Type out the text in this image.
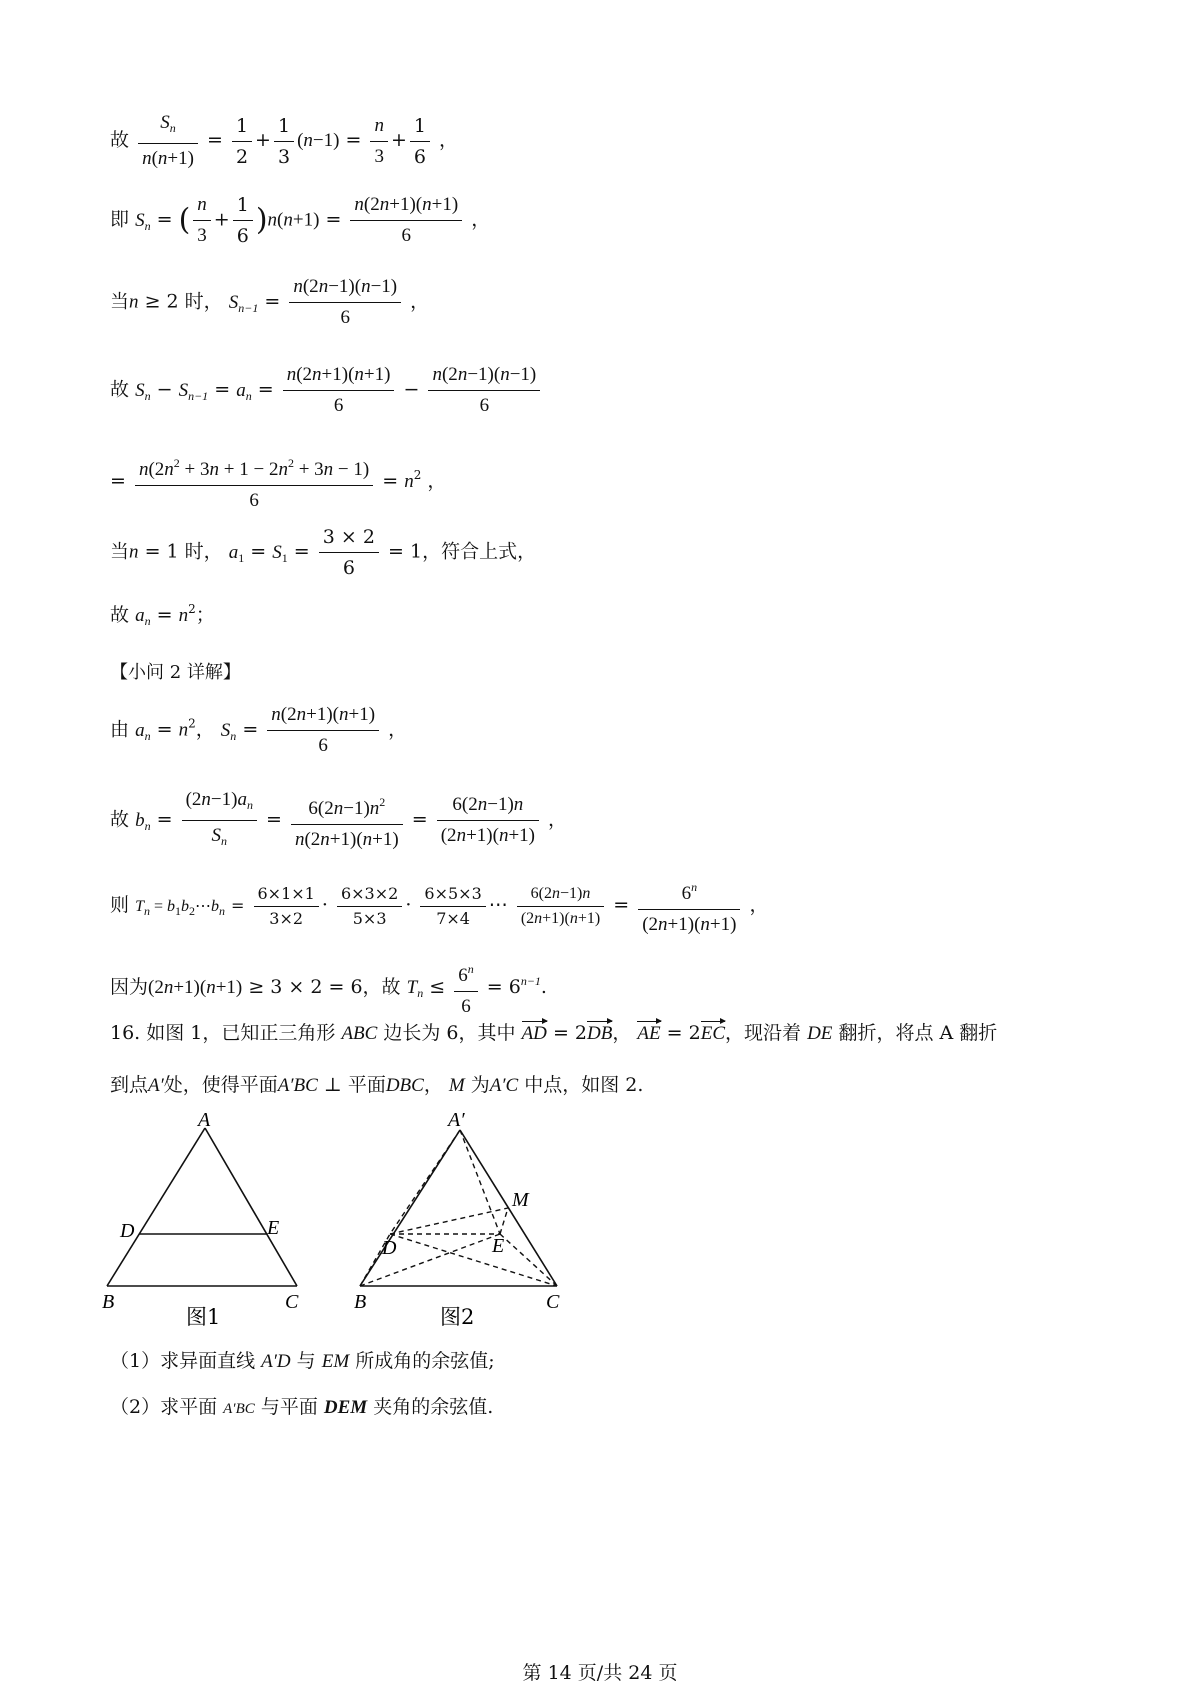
故 $\frac{S_n}{n(n+1)} = \frac{1}{2} + \frac{1}{3} (n-1) = \frac{n}{3} + \frac{1}{6}$ ，
即 $S_n$ = ( $\frac{n}{3} + \frac{1}{6} )n(n+1) = \frac{n(2n+1)(n+1)}{6}$ ，
当n ≥ 2 时， $S_{n-1} = \frac{n(2n-1)(n-1)}{6}$ ，
故 $S_n - S_{n-1} = a_n = \frac{n(2n+1)(n+1)}{6} - \frac{n(2n-1)(n-1)}{6}$
= $\frac{n(2n^2 + 3n + 1 - 2n^2 + 3n - 1)}{6} = n^2$ ，
当n = 1 时， $a_1 = S_1 = \frac{3 \times 2}{6} = 1$，符合上式，
故 $a_n = n^2$；
【小问 2 详解】
由 $a_n = n^2$， $S_n = \frac{n(2n+1)(n+1)}{6}$ ，
故 $b_n = \frac{(2n-1)a_n}{S_n} = \frac{6(2n-1)n^2}{n(2n+1)(n+1)} = \frac{6(2n-1)n}{(2n+1)(n+1)}$ ，
则 $T_n$ = $b_1b_2\cdots b_n = \frac{6\times 1\times 1}{3\times 2} \cdot \frac{6\times 3\times 2}{5\times 3} \cdot \frac{6\times 5\times 3}{7\times 4}$ ⋯ $\frac{6(2n-1)n}{(2n+1)(n+1)} = \frac{6^n}{(2n+1)(n+1)}$ ，
因为(2n+1)(n+1) ≥ 3 × 2 = 6，故 $T_n \le \frac{6^n}{6} = 6^{n-1}$.
16. 如图 1，已知正三角形 ABC 边长为 6，其中 AD = 2DB， AE = 2EC，现沿着 DE 翻折，将点 A 翻折
到点A′处，使得平面A′BC ⊥ 平面DBC， M 为A′C 中点，如图 2.
A
D	E
B	C
图1
A′
M
D	E
B	C
图2
（1）求异面直线 A′D 与 EM 所成角的余弦值;
（2）求平面 A′BC 与平面 DEM 夹角的余弦值.
第 14 页/共 24 页
